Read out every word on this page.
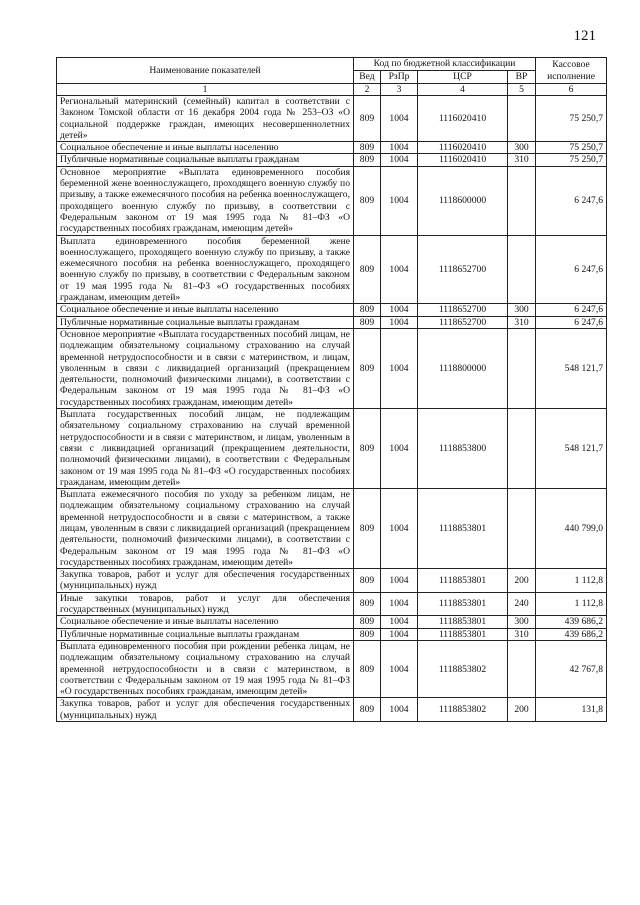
121
Наименование показателей	Код по бюджетной классификации				Кассовое исполнение
	Вед	РзПр	ЦСР	ВР	
1	2	3	4	5	6
Региональный материнский (семейный) капитал в соответствии с Законом Томской области от 16 декабря 2004 года № 253–ОЗ «О социальной поддержке граждан, имеющих несовершеннолетних детей»	809	1004	1116020410		75 250,7
Социальное обеспечение и иные выплаты населению	809	1004	1116020410	300	75 250,7
Публичные нормативные социальные выплаты гражданам	809	1004	1116020410	310	75 250,7
Основное мероприятие «Выплата единовременного пособия беременной жене военнослужащего, проходящего военную службу по призыву, а также ежемесячного пособия на ребенка военнослужащего, проходящего военную службу по призыву, в соответствии с Федеральным законом от 19 мая 1995 года № 81–ФЗ «О государственных пособиях гражданам, имеющим детей»	809	1004	1118600000		6 247,6
Выплата единовременного пособия беременной жене военнослужащего, проходящего военную службу по призыву, а также ежемесячного пособия на ребенка военнослужащего, проходящего военную службу по призыву, в соответствии с Федеральным законом от 19 мая 1995 года № 81–ФЗ «О государственных пособиях гражданам, имеющим детей»	809	1004	1118652700		6 247,6
Социальное обеспечение и иные выплаты населению	809	1004	1118652700	300	6 247,6
Публичные нормативные социальные выплаты гражданам	809	1004	1118652700	310	6 247,6
Основное мероприятие «Выплата государственных пособий лицам, не подлежащим обязательному социальному страхованию на случай временной нетрудоспособности и в связи с материнством, и лицам, уволенным в связи с ликвидацией организаций (прекращением деятельности, полномочий физическими лицами), в соответствии с Федеральным законом от 19 мая 1995 года № 81–ФЗ «О государственных пособиях гражданам, имеющим детей»	809	1004	1118800000		548 121,7
Выплата государственных пособий лицам, не подлежащим обязательному социальному страхованию на случай временной нетрудоспособности и в связи с материнством, и лицам, уволенным в связи с ликвидацией организаций (прекращением деятельности, полномочий физическими лицами), в соответствии с Федеральным законом от 19 мая 1995 года № 81–ФЗ «О государственных пособиях гражданам, имеющим детей»	809	1004	1118853800		548 121,7
Выплата ежемесячного пособия по уходу за ребенком лицам, не подлежащим обязательному социальному страхованию на случай временной нетрудоспособности и в связи с материнством, а также лицам, уволенным в связи с ликвидацией организаций (прекращением деятельности, полномочий физическими лицами), в соответствии с Федеральным законом от 19 мая 1995 года № 81–ФЗ «О государственных пособиях гражданам, имеющим детей»	809	1004	1118853801		440 799,0
Закупка товаров, работ и услуг для обеспечения государственных (муниципальных) нужд	809	1004	1118853801	200	1 112,8
Иные закупки товаров, работ и услуг для обеспечения государственных (муниципальных) нужд	809	1004	1118853801	240	1 112,8
Социальное обеспечение и иные выплаты населению	809	1004	1118853801	300	439 686,2
Публичные нормативные социальные выплаты гражданам	809	1004	1118853801	310	439 686,2
Выплата единовременного пособия при рождении ребенка лицам, не подлежащим обязательному социальному страхованию на случай временной нетрудоспособности и в связи с материнством, в соответствии с Федеральным законом от 19 мая 1995 года № 81–ФЗ «О государственных пособиях гражданам, имеющим детей»	809	1004	1118853802		42 767,8
Закупка товаров, работ и услуг для обеспечения государственных (муниципальных) нужд	809	1004	1118853802	200	131,8
